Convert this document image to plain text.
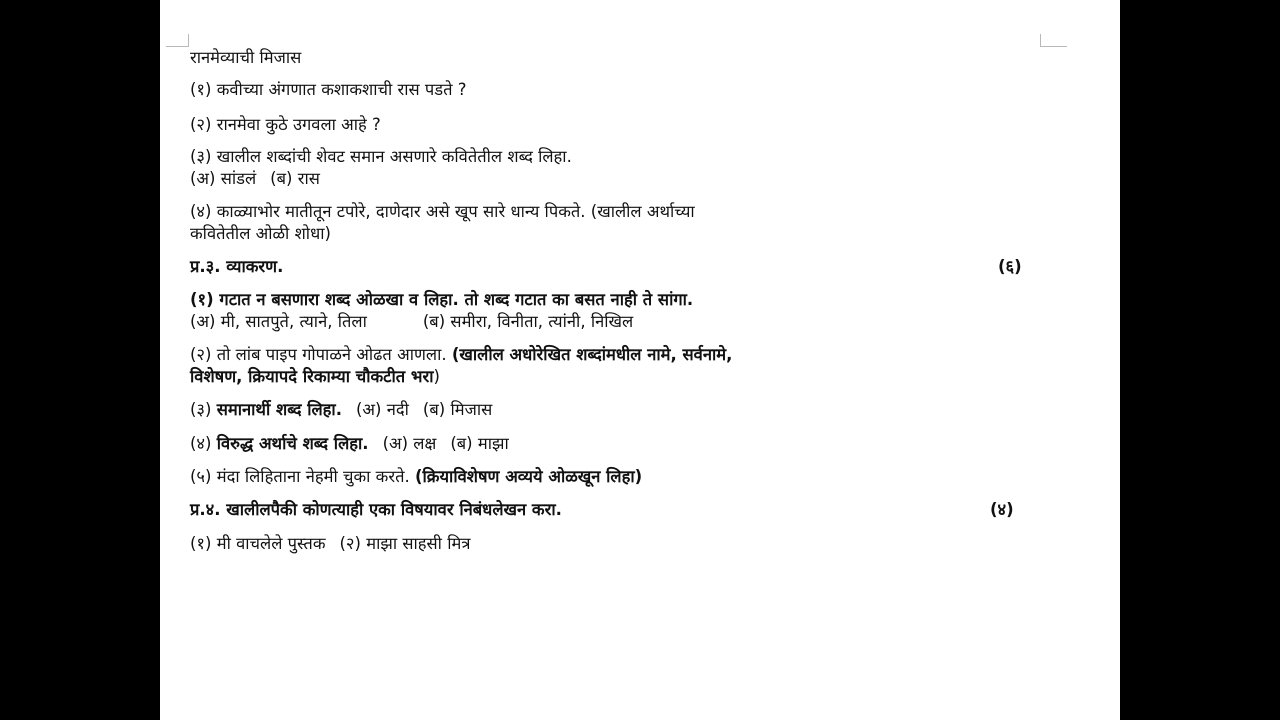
रानमेव्याची मिजास

(१) कवीच्या अंगणात कशाकशाची रास पडते ?

(२) रानमेवा कुठे उगवला आहे ?

(३) खालील शब्दांची शेवट समान असणारे कवितेतील शब्द लिहा.

(अ) सांडलं (ब) रास

(४) काळ्याभोर मातीतून टपोरे, दाणेदार असे खूप सारे धान्य पिकते. (खालील अर्थाच्या

कवितेतील ओळी शोधा)

प्र.३. व्याकरण.	(६)

(१) गटात न बसणारा शब्द ओळखा व लिहा. तो शब्द गटात का बसत नाही ते सांगा.

(अ) मी, सातपुते, त्याने, तिला	(ब) समीरा, विनीता, त्यांनी, निखिल

(२) तो लांब पाइप गोपाळने ओढत आणला. (खालील अधोरेखित शब्दांमधील नामे, सर्वनामे,

विशेषण, क्रियापदे रिकाम्या चौकटीत भरा)

(३) समानार्थी शब्द लिहा. (अ) नदी (ब) मिजास

(४) विरुद्ध अर्थाचे शब्द लिहा. (अ) लक्ष (ब) माझा

(५) मंदा लिहिताना नेहमी चुका करते. (क्रियाविशेषण अव्यये ओळखून लिहा)

प्र.४. खालीलपैकी कोणत्याही एका विषयावर निबंधलेखन करा.	(४)

(१) मी वाचलेले पुस्तक (२) माझा साहसी मित्र
